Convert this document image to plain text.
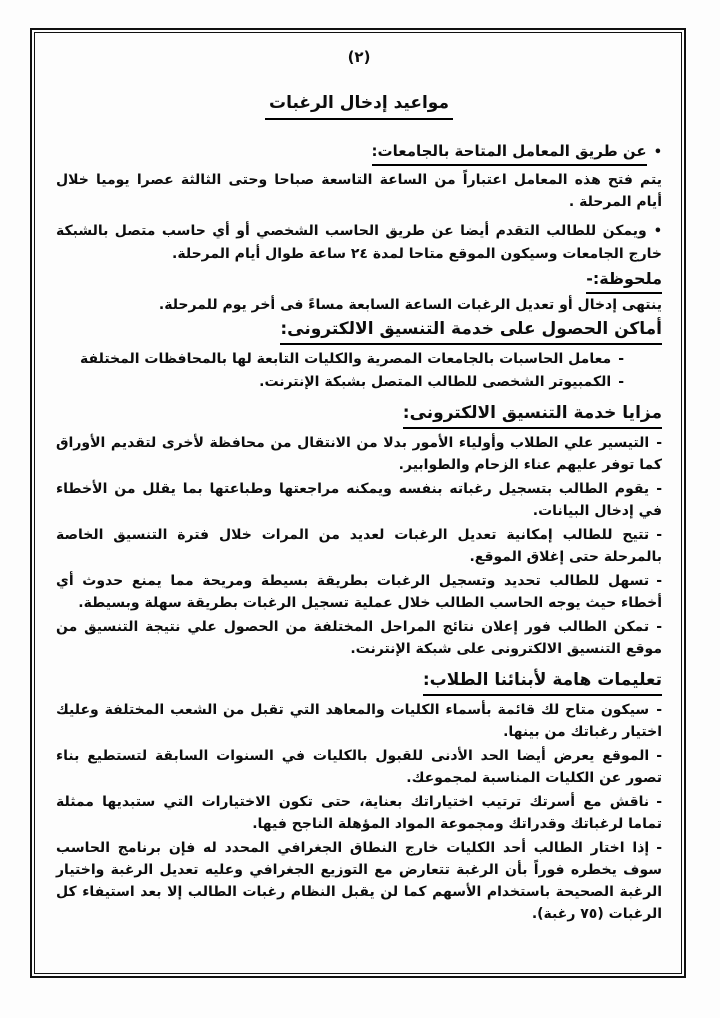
(٢)
مواعيد إدخال الرغبات
•عن طريق المعامل المتاحة بالجامعات:
يتم فتح هذه المعامل اعتباراً من الساعة التاسعة صباحا وحتى الثالثة عصرا يوميا خلال أيام المرحلة .
•ويمكن للطالب التقدم أيضا عن طريق الحاسب الشخصي أو أي حاسب متصل بالشبكة خارج الجامعات وسيكون الموقع متاحا لمدة ٢٤ ساعة طوال أيام المرحلة.
ملحوظة:-
ينتهى إدخال أو تعديل الرغبات الساعة السابعة مساءً فى أخر يوم للمرحلة.
أماكن الحصول على خدمة التنسيق الالكترونى:
-معامل الحاسبات بالجامعات المصرية والكليات التابعة لها بالمحافظات المختلفة
-الكمبيوتر الشخصى للطالب المتصل بشبكة الإنترنت.
مزايا خدمة التنسيق الالكترونى:
-التيسير علي الطلاب وأولياء الأمور بدلا من الانتقال من محافظة لأخرى لتقديم الأوراق كما توفر عليهم عناء الزحام والطوابير.
-يقوم الطالب بتسجيل رغباته بنفسه ويمكنه مراجعتها وطباعتها بما يقلل من الأخطاء في إدخال البيانات.
-تتيح للطالب إمكانية تعديل الرغبات لعديد من المرات خلال فترة التنسيق الخاصة بالمرحلة حتى إغلاق الموقع.
-تسهل للطالب تحديد وتسجيل الرغبات بطريقة بسيطة ومريحة مما يمنع حدوث أي أخطاء حيث يوجه الحاسب الطالب خلال عملية تسجيل الرغبات بطريقة سهلة وبسيطة.
-تمكن الطالب فور إعلان نتائج المراحل المختلفة من الحصول علي نتيجة التنسيق من موقع التنسيق الالكترونى على شبكة الإنترنت.
تعليمات هامة لأبنائنا الطلاب:
-سيكون متاح لك قائمة بأسماء الكليات والمعاهد التي تقبل من الشعب المختلفة وعليك اختيار رغباتك من بينها.
-الموقع يعرض أيضا الحد الأدنى للقبول بالكليات في السنوات السابقة لتستطيع بناء تصور عن الكليات المناسبة لمجموعك.
-ناقش مع أسرتك ترتيب اختياراتك بعناية، حتى تكون الاختيارات التي ستبديها ممثلة تماما لرغباتك وقدراتك ومجموعة المواد المؤهلة الناجح فيها.
-إذا اختار الطالب أحد الكليات خارج النطاق الجغرافي المحدد له فإن برنامج الحاسب سوف يخطره فوراً بأن الرغبة تتعارض مع التوزيع الجغرافي وعليه تعديل الرغبة واختيار الرغبة الصحيحة باستخدام الأسهم كما لن يقبل النظام رغبات الطالب إلا بعد استيفاء كل الرغبات (٧٥ رغبة).
